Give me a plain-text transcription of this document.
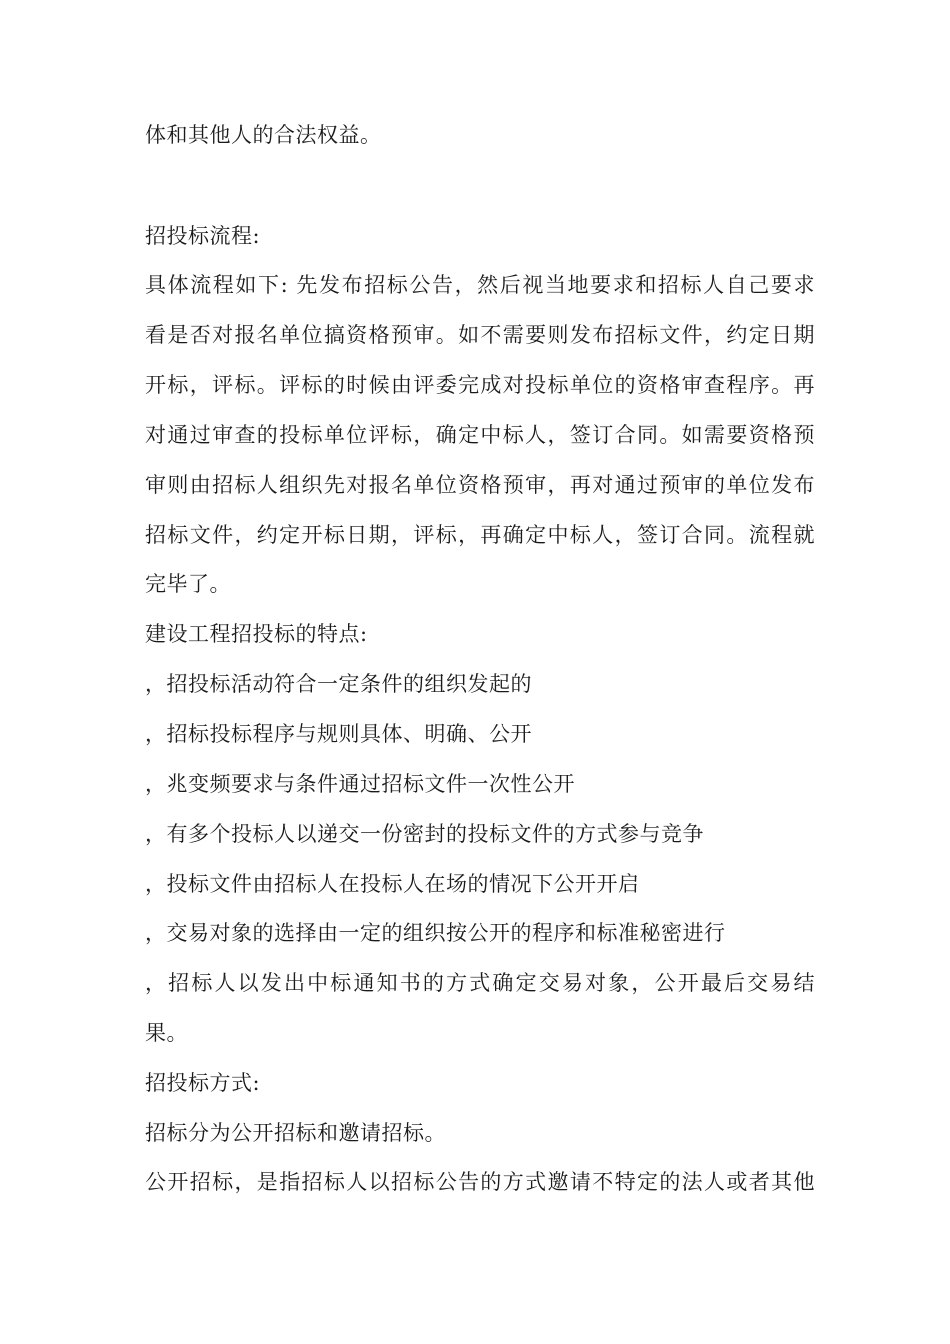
体和其他人的合法权益。
招投标流程:
具体流程如下: 先发布招标公告，然后视当地要求和招标人自己要求
看是否对报名单位搞资格预审。如不需要则发布招标文件，约定日期
开标，评标。评标的时候由评委完成对投标单位的资格审查程序。再
对通过审查的投标单位评标，确定中标人，签订合同。如需要资格预
审则由招标人组织先对报名单位资格预审，再对通过预审的单位发布
招标文件，约定开标日期，评标，再确定中标人，签订合同。流程就
完毕了。
建设工程招投标的特点:
，招投标活动符合一定条件的组织发起的
，招标投标程序与规则具体、明确、公开
，兆变频要求与条件通过招标文件一次性公开
，有多个投标人以递交一份密封的投标文件的方式参与竞争
，投标文件由招标人在投标人在场的情况下公开开启
，交易对象的选择由一定的组织按公开的程序和标准秘密进行
，招标人以发出中标通知书的方式确定交易对象，公开最后交易结
果。
招投标方式:
招标分为公开招标和邀请招标。
公开招标，是指招标人以招标公告的方式邀请不特定的法人或者其他
